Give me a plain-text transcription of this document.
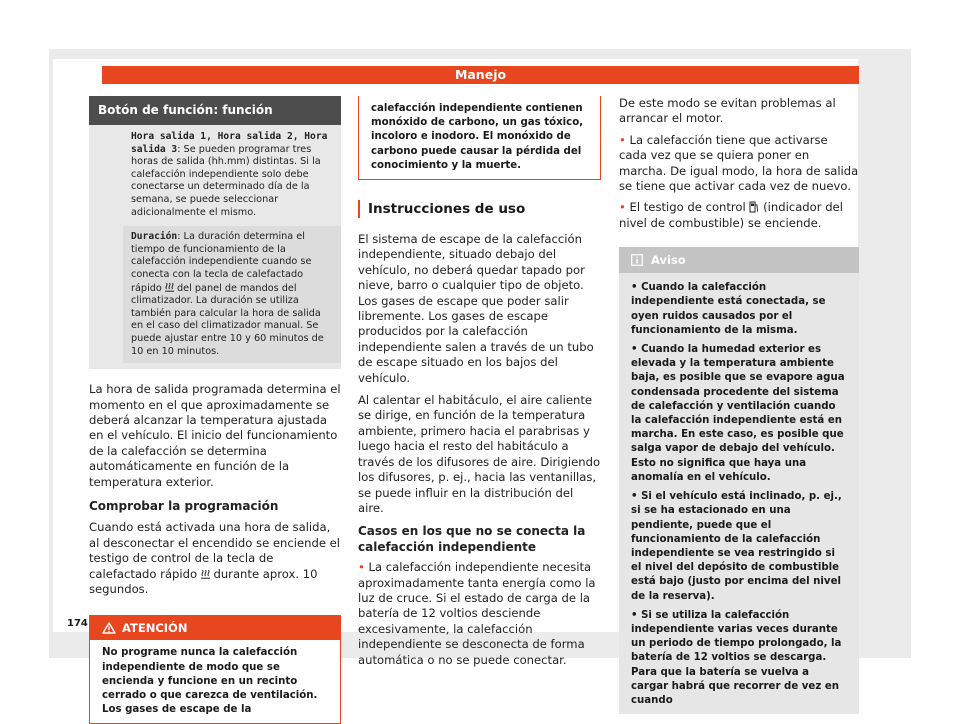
Manejo
Botón de función: función

Hora salida 1, Hora salida 2, Hora salida 3: Se pueden programar tres horas de salida (hh.mm) distintas. Si la calefacción independiente solo debe conectarse un determinado día de la semana, se puede seleccionar adicionalmente el mismo.

Duración: La duración determina el tiempo de funcionamiento de la calefacción independiente cuando se conecta con la tecla de calefactado rápido del panel de mandos del climatizador. La duración se utiliza también para calcular la hora de salida en el caso del climatizador manual. Se puede ajustar entre 10 y 60 minutos de 10 en 10 minutos.

La hora de salida programada determina el momento en el que aproximadamente se deberá alcanzar la temperatura ajustada en el vehículo. El inicio del funcionamiento de la calefacción se determina automáticamente en función de la temperatura exterior.

Comprobar la programación

Cuando está activada una hora de salida, al desconectar el encendido se enciende el testigo de control de la tecla de calefactado rápido durante aprox. 10 segundos.

ATENCIÓN
No programe nunca la calefacción independiente de modo que se encienda y funcione en un recinto cerrado o que carezca de ventilación. Los gases de escape de la
calefacción independiente contienen monóxido de carbono, un gas tóxico, incoloro e inodoro. El monóxido de carbono puede causar la pérdida del conocimiento y la muerte.
Instrucciones de uso

El sistema de escape de la calefacción independiente, situado debajo del vehículo, no deberá quedar tapado por nieve, barro o cualquier tipo de objeto. Los gases de escape que poder salir libremente. Los gases de escape producidos por la calefacción independiente salen a través de un tubo de escape situado en los bajos del vehículo.

Al calentar el habitáculo, el aire caliente se dirige, en función de la temperatura ambiente, primero hacia el parabrisas y luego hacia el resto del habitáculo a través de los difusores de aire. Dirigiendo los difusores, p. ej., hacia las ventanillas, se puede influir en la distribución del aire.

Casos en los que no se conecta la calefacción independiente

• La calefacción independiente necesita aproximadamente tanta energía como la luz de cruce. Si el estado de carga de la batería de 12 voltios desciende excesivamente, la calefacción independiente se desconecta de forma automática o no se puede conectar.

De este modo se evitan problemas al arrancar el motor.

• La calefacción tiene que activarse cada vez que se quiera poner en marcha. De igual modo, la hora de salida se tiene que activar cada vez de nuevo.

• El testigo de control (indicador del nivel de combustible) se enciende.

Aviso

• Cuando la calefacción independiente está conectada, se oyen ruidos causados por el funcionamiento de la misma.

• Cuando la humedad exterior es elevada y la temperatura ambiente baja, es posible que se evapore agua condensada procedente del sistema de calefacción y ventilación cuando la calefacción independiente está en marcha. En este caso, es posible que salga vapor de debajo del vehículo. Esto no significa que haya una anomalía en el vehículo.

• Si el vehículo está inclinado, p. ej., si se ha estacionado en una pendiente, puede que el funcionamiento de la calefacción independiente se vea restringido si el nivel del depósito de combustible está bajo (justo por encima del nivel de la reserva).

• Si se utiliza la calefacción independiente varias veces durante un periodo de tiempo prolongado, la batería de 12 voltios se descarga. Para que la batería se vuelva a cargar habrá que recorrer de vez en cuando

174
